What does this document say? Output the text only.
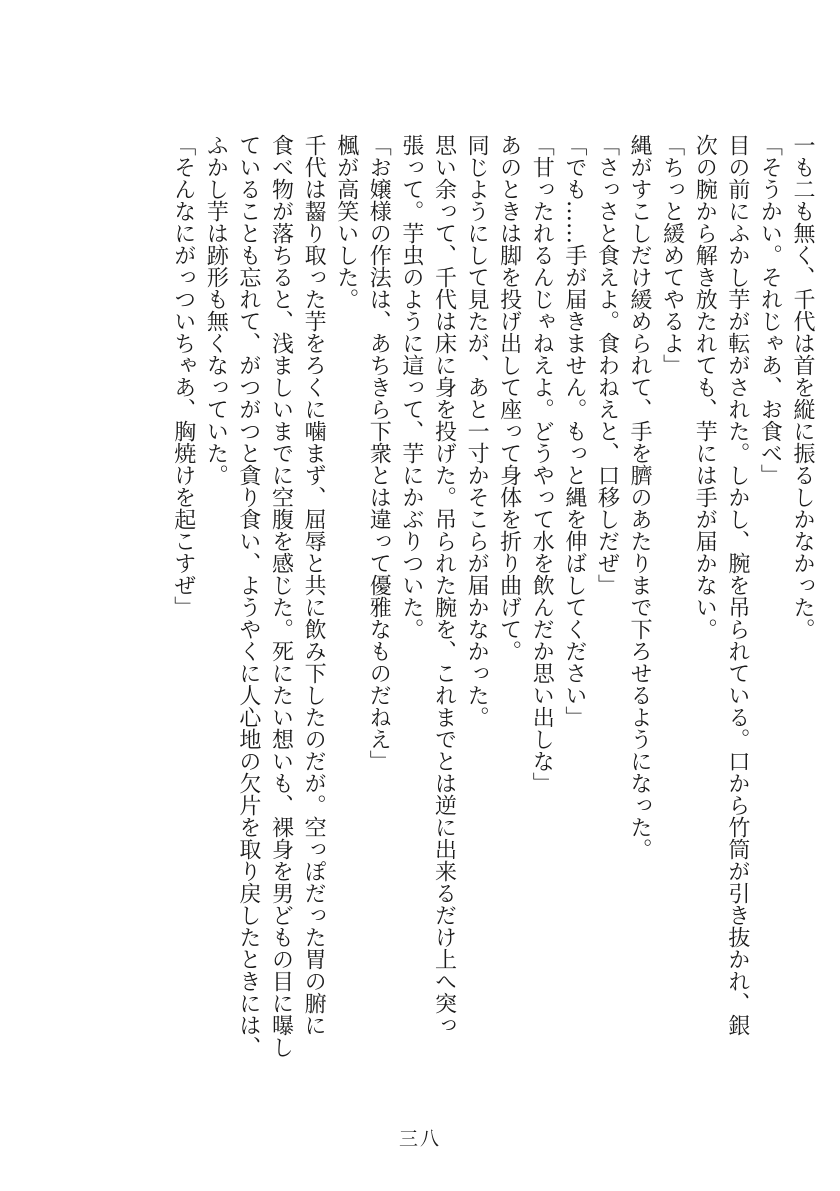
一も二も無く、千代は首を縦に振るしかなかった。

「そうかい。それじゃあ、お食べ」

目の前にふかし芋が転がされた。しかし、腕を吊られている。口から竹筒が引き抜かれ、銀

次の腕から解き放たれても、芋には手が届かない。

「ちっと緩めてやるよ」

縄がすこしだけ緩められて、手を臍のあたりまで下ろせるようになった。

「さっさと食えよ。食わねえと、口移しだぜ」

「でも……手が届きません。もっと縄を伸ばしてください」

「甘ったれるんじゃねえよ。どうやって水を飲んだか思い出しな」

あのときは脚を投げ出して座って身体を折り曲げて。

同じようにして見たが、あと一寸かそこらが届かなかった。

思い余って、千代は床に身を投げた。吊られた腕を、これまでとは逆に出来るだけ上へ突っ

張って。芋虫のように這って、芋にかぶりついた。

「お嬢様の作法は、あちきら下衆とは違って優雅なものだねえ」

楓が高笑いした。

千代は齧り取った芋をろくに噛まず、屈辱と共に飲み下したのだが。空っぽだった胃の腑に

食べ物が落ちると、浅ましいまでに空腹を感じた。死にたい想いも、裸身を男どもの目に曝し

ていることも忘れて、がつがつと貪り食い、ようやくに人心地の欠片を取り戻したときには、

ふかし芋は跡形も無くなっていた。

「そんなにがっついちゃあ、胸焼けを起こすぜ」

三八
